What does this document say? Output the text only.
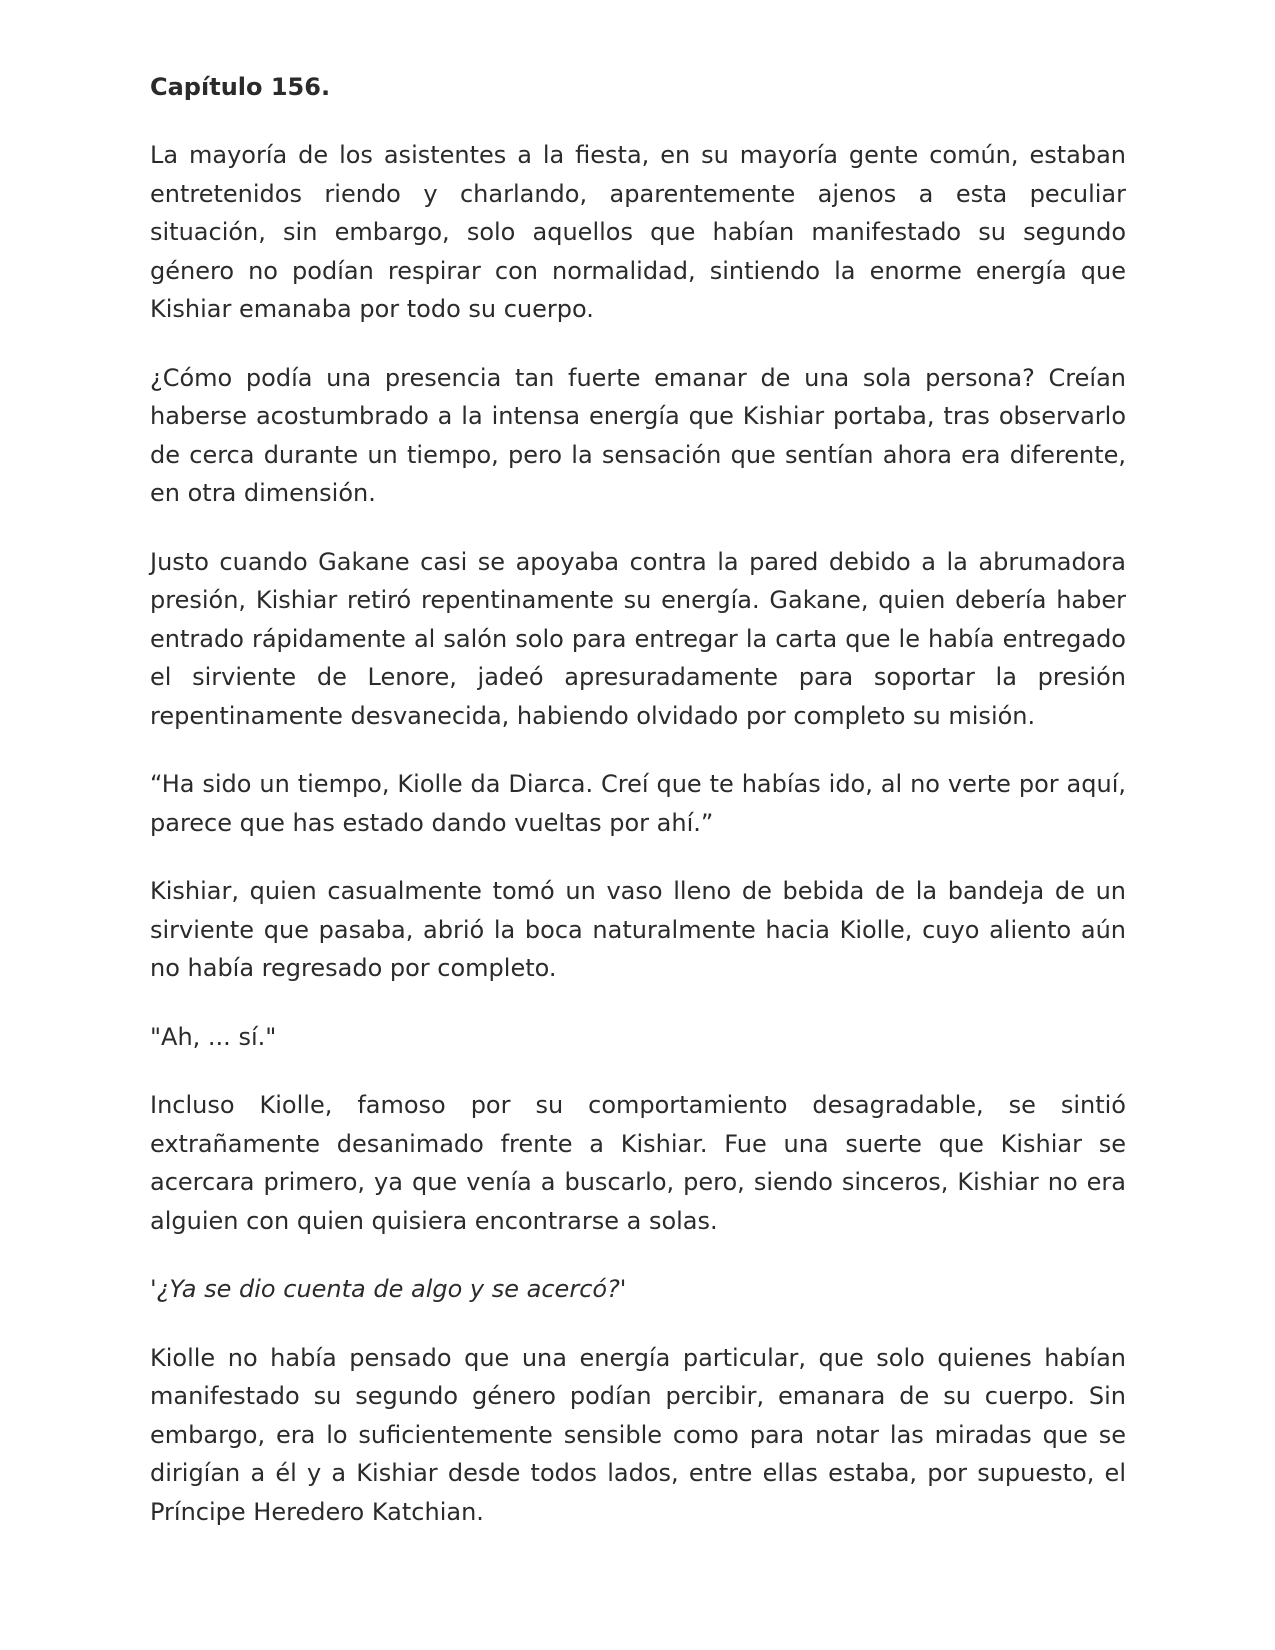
Capítulo 156.

La mayoría de los asistentes a la fiesta, en su mayoría gente común, estaban entretenidos riendo y charlando, aparentemente ajenos a esta peculiar situación, sin embargo, solo aquellos que habían manifestado su segundo género no podían respirar con normalidad, sintiendo la enorme energía que Kishiar emanaba por todo su cuerpo.

¿Cómo podía una presencia tan fuerte emanar de una sola persona? Creían haberse acostumbrado a la intensa energía que Kishiar portaba, tras observarlo de cerca durante un tiempo, pero la sensación que sentían ahora era diferente, en otra dimensión.

Justo cuando Gakane casi se apoyaba contra la pared debido a la abrumadora presión, Kishiar retiró repentinamente su energía. Gakane, quien debería haber entrado rápidamente al salón solo para entregar la carta que le había entregado el sirviente de Lenore, jadeó apresuradamente para soportar la presión repentinamente desvanecida, habiendo olvidado por completo su misión.

“Ha sido un tiempo, Kiolle da Diarca. Creí que te habías ido, al no verte por aquí, parece que has estado dando vueltas por ahí.”

Kishiar, quien casualmente tomó un vaso lleno de bebida de la bandeja de un sirviente que pasaba, abrió la boca naturalmente hacia Kiolle, cuyo aliento aún no había regresado por completo.

"Ah, ... sí."

Incluso Kiolle, famoso por su comportamiento desagradable, se sintió extrañamente desanimado frente a Kishiar. Fue una suerte que Kishiar se acercara primero, ya que venía a buscarlo, pero, siendo sinceros, Kishiar no era alguien con quien quisiera encontrarse a solas.

'¿Ya se dio cuenta de algo y se acercó?'

Kiolle no había pensado que una energía particular, que solo quienes habían manifestado su segundo género podían percibir, emanara de su cuerpo. Sin embargo, era lo suficientemente sensible como para notar las miradas que se dirigían a él y a Kishiar desde todos lados, entre ellas estaba, por supuesto, el Príncipe Heredero Katchian.
